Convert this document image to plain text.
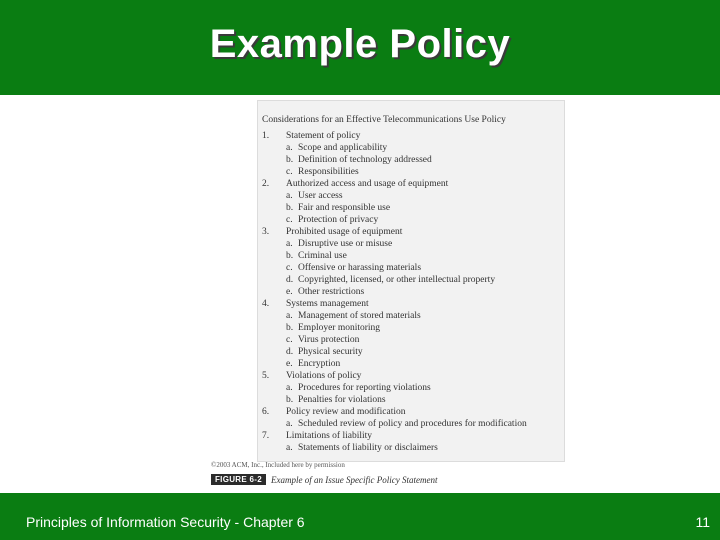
Example Policy
Considerations for an Effective Telecommunications Use Policy
1.	Statement of policy
a. Scope and applicability
b. Definition of technology addressed
c. Responsibilities
2.	Authorized access and usage of equipment
a. User access
b. Fair and responsible use
c. Protection of privacy
3.	Prohibited usage of equipment
a. Disruptive use or misuse
b. Criminal use
c. Offensive or harassing materials
d. Copyrighted, licensed, or other intellectual property
e. Other restrictions
4.	Systems management
a. Management of stored materials
b. Employer monitoring
c. Virus protection
d. Physical security
e. Encryption
5.	Violations of policy
a. Procedures for reporting violations
b. Penalties for violations
6.	Policy review and modification
a. Scheduled review of policy and procedures for modification
7.	Limitations of liability
a. Statements of liability or disclaimers
©2003 ACM, Inc., Included here by permission
FIGURE 6-2	Example of an Issue Specific Policy Statement
Principles of Information Security - Chapter 6	11
